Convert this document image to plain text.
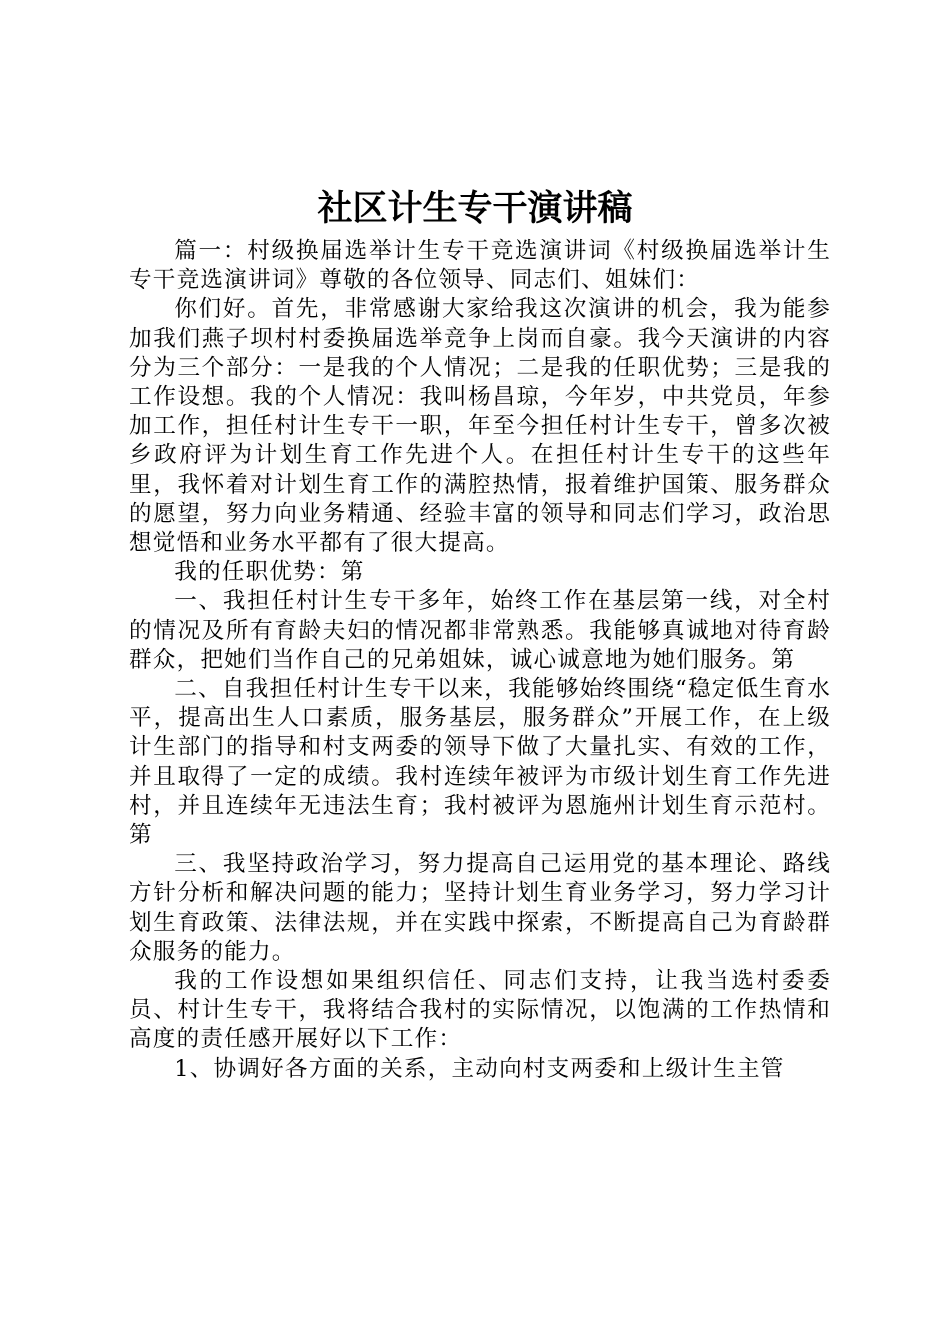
社区计生专干演讲稿

篇一：村级换届选举计生专干竞选演讲词《村级换届选举计生专干竞选演讲词》尊敬的各位领导、同志们、姐妹们：

你们好。首先，非常感谢大家给我这次演讲的机会，我为能参加我们燕子坝村村委换届选举竞争上岗而自豪。我今天演讲的内容分为三个部分：一是我的个人情况；二是我的任职优势；三是我的工作设想。我的个人情况：我叫杨昌琼，今年岁，中共党员，年参加工作，担任村计生专干一职，年至今担任村计生专干，曾多次被乡政府评为计划生育工作先进个人。在担任村计生专干的这些年里，我怀着对计划生育工作的满腔热情，报着维护国策、服务群众的愿望，努力向业务精通、经验丰富的领导和同志们学习，政治思想觉悟和业务水平都有了很大提高。

我的任职优势：第

一、我担任村计生专干多年，始终工作在基层第一线，对全村的情况及所有育龄夫妇的情况都非常熟悉。我能够真诚地对待育龄群众，把她们当作自己的兄弟姐妹，诚心诚意地为她们服务。第

二、自我担任村计生专干以来，我能够始终围绕“稳定低生育水平，提高出生人口素质，服务基层，服务群众”开展工作，在上级计生部门的指导和村支两委的领导下做了大量扎实、有效的工作，并且取得了一定的成绩。我村连续年被评为市级计划生育工作先进村，并且连续年无违法生育；我村被评为恩施州计划生育示范村。第

三、我坚持政治学习，努力提高自己运用党的基本理论、路线方针分析和解决问题的能力；坚持计划生育业务学习，努力学习计划生育政策、法律法规，并在实践中探索，不断提高自己为育龄群众服务的能力。

我的工作设想如果组织信任、同志们支持，让我当选村委委员、村计生专干，我将结合我村的实际情况，以饱满的工作热情和高度的责任感开展好以下工作：

1、协调好各方面的关系，主动向村支两委和上级计生主管
